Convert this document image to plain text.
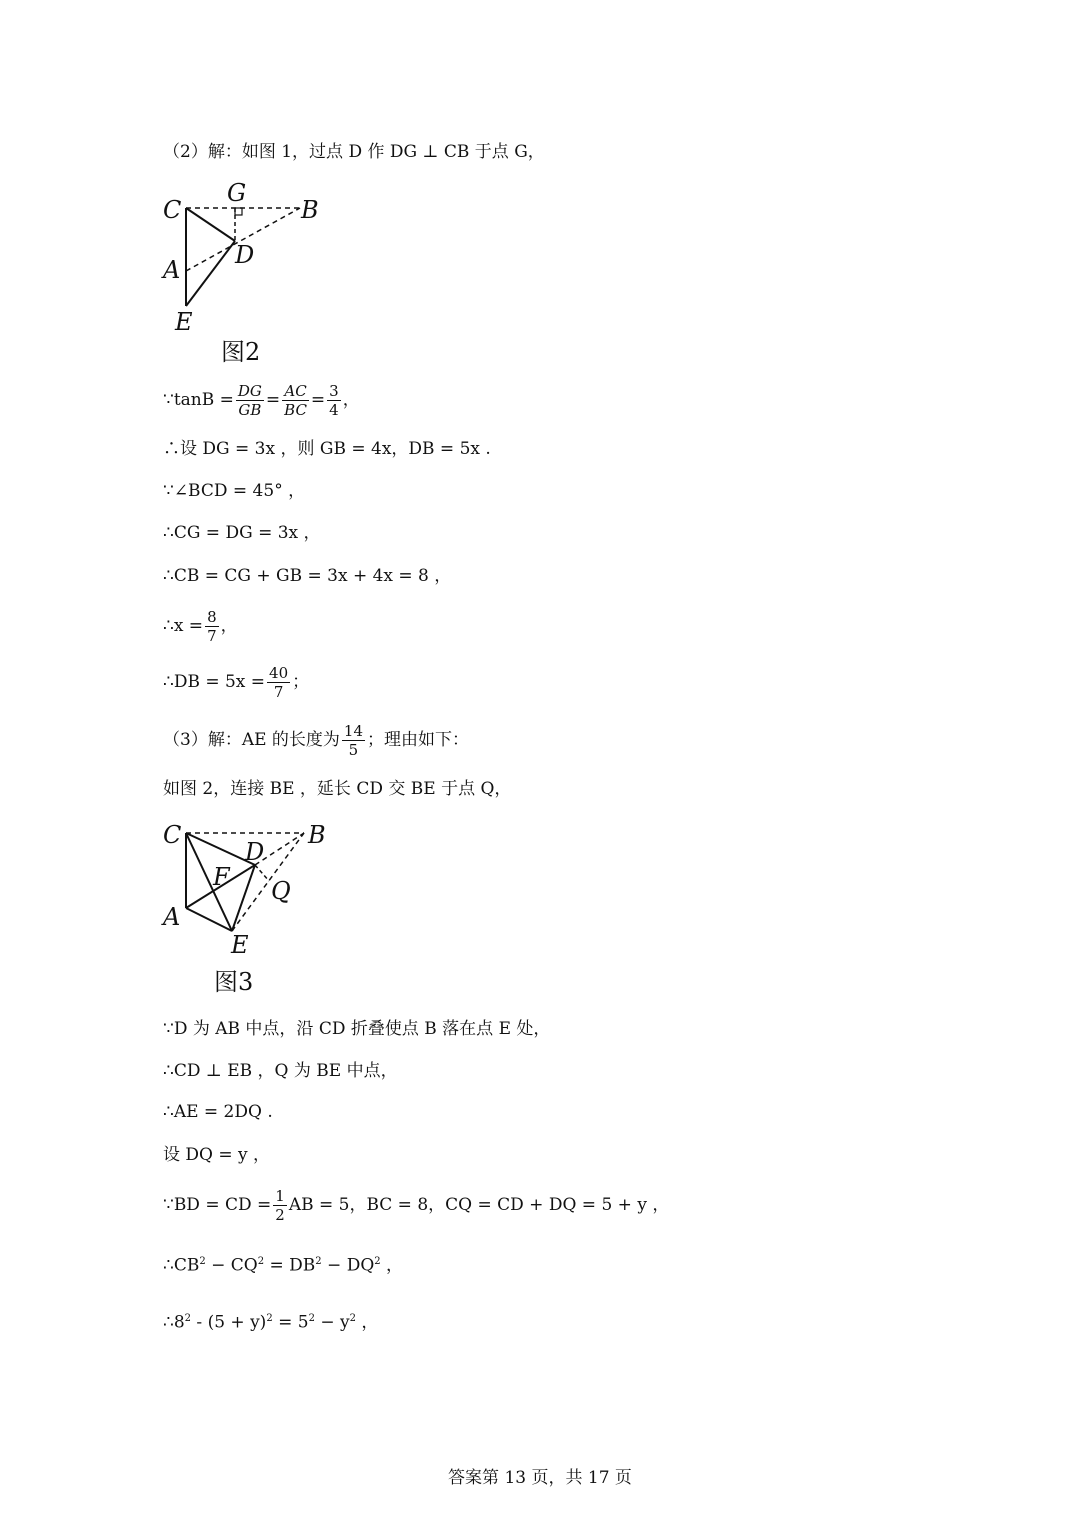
（2）解：如图 1，过点 D 作 DG ⊥ CB 于点 G，
C
G
B
A
D
E
图2
∵tanB = $\frac{DG}{GB} = \frac{AC}{BC} = \frac{3}{4}$ ，
∴设 DG = 3x ，则 GB = 4x，DB = 5x .
∵∠BCD = 45° ，
∴CG = DG = 3x ，
∴CB = CG + GB = 3x + 4x = 8 ，
∴x = $\frac{8}{7}$ ，
∴DB = $5x = \frac{40}{7}$ ；
（3）解：AE 的长度为 $\frac{14}{5}$ ；理由如下：
如图 2，连接 BE ，延长 CD 交 BE 于点 Q，
C	B
D
F Q
A
E
图3
∵D 为 AB 中点，沿 CD 折叠使点 B 落在点 E 处，
∴CD ⊥ EB ，Q 为 BE 中点，
∴AE = 2DQ .
设 DQ = y ，
∵BD = CD = $\frac{1}{2}$ AB = 5，BC = 8，CQ = CD + DQ = 5 + y ，
$\therefore CB^2 - CQ^2 = DB^2 - DQ^2$ ，
$\therefore 8^2 - (5 + y)^2 = 5^2 - y^2$ ，
答案第 13 页，共 17 页
